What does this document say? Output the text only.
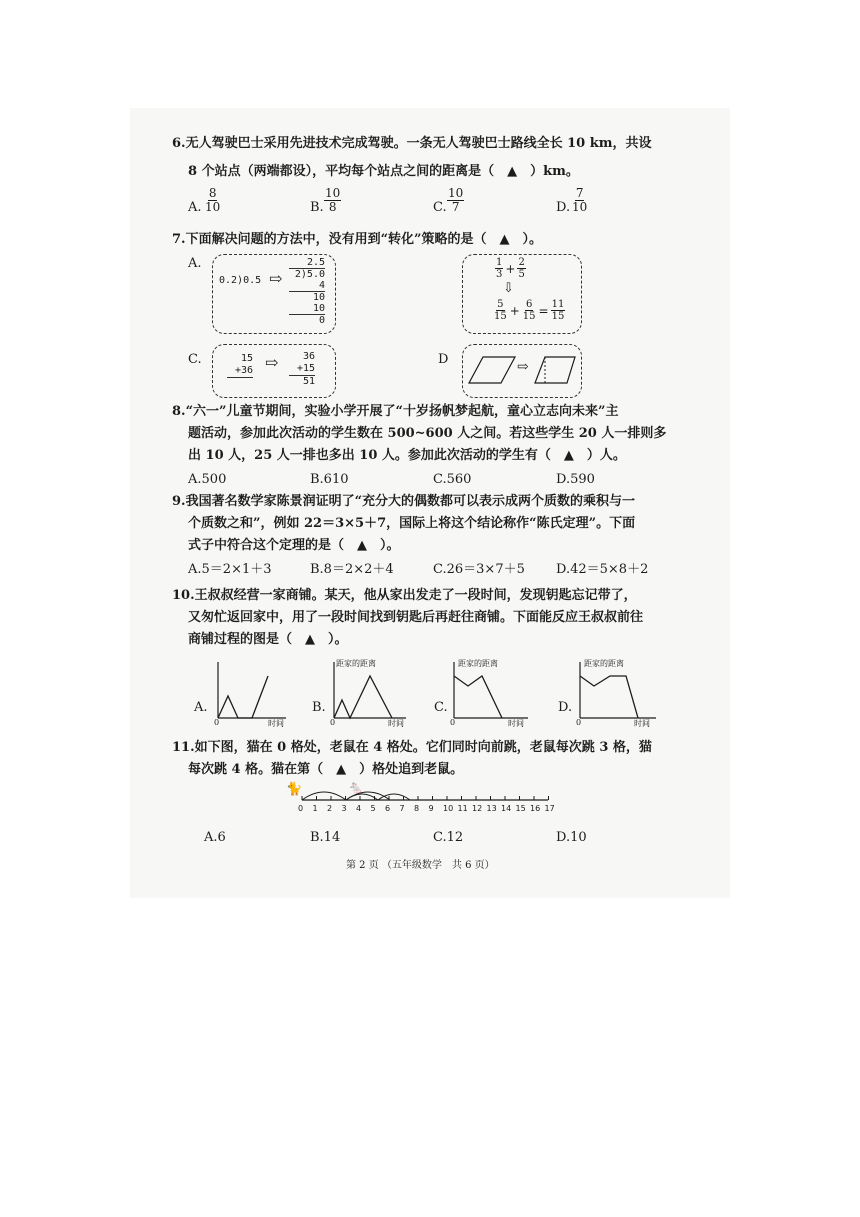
6.无人驾驶巴士采用先进技术完成驾驶。一条无人驾驶巴士路线全长 10 km，共设
8 个站点（两端都设），平均每个站点之间的距离是（　▲　）km。
A. $\frac{8}{10}$	B. $\frac{10}{8}$	C. $\frac{10}{7}$	D. $\frac{7}{10}$
7.下面解决问题的方法中，没有用到“转化”策略的是（　▲　）。
A.
0.2)0.5 ⇨
2.5
2)5.0
4
10
10
0
$\frac{1}{3} + \frac{2}{5}$
⇩
$\frac{5}{15} + \frac{6}{15} = \frac{11}{15}$
C.	15
+36 ⇨	36
+15
51
D	⇨
8.“六一”儿童节期间，实验小学开展了“十岁扬帆梦起航，童心立志向未来”主
题活动，参加此次活动的学生数在 500~600 人之间。若这些学生 20 人一排则多
出 10 人，25 人一排也多出 10 人。参加此次活动的学生有（　▲　）人。
A.500	B.610	C.560	D.590
9.我国著名数学家陈景润证明了“充分大的偶数都可以表示成两个质数的乘积与一
个质数之和”，例如 22＝3×5＋7，国际上将这个结论称作“陈氏定理”。下面
式子中符合这个定理的是（　▲　）。
A.5＝2×1＋3	B.8＝2×2＋4	C.26＝3×7＋5 D.42＝5×8＋2
10.王叔叔经营一家商铺。某天，他从家出发走了一段时间，发现钥匙忘记带了，
又匆忙返回家中，用了一段时间找到钥匙后再赶往商铺。下面能反应王叔叔前往
商铺过程的图是（　▲　）。
A.
0	时间
B.
距家的距离
0	时间
C.
距家的距离
0	时间
D.
距家的距离
0	时间
11.如下图，猫在 0 格处，老鼠在 4 格处。它们同时向前跳，老鼠每次跳 3 格，猫
每次跳 4 格。猫在第（　▲　）格处追到老鼠。
🐈	🐁
0 1 2 3 4 5 6 7 8 9 10 11 12 13 14 15 16 17
A.6	B.14	C.12	D.10
第 2 页 （五年级数学　共 6 页）
